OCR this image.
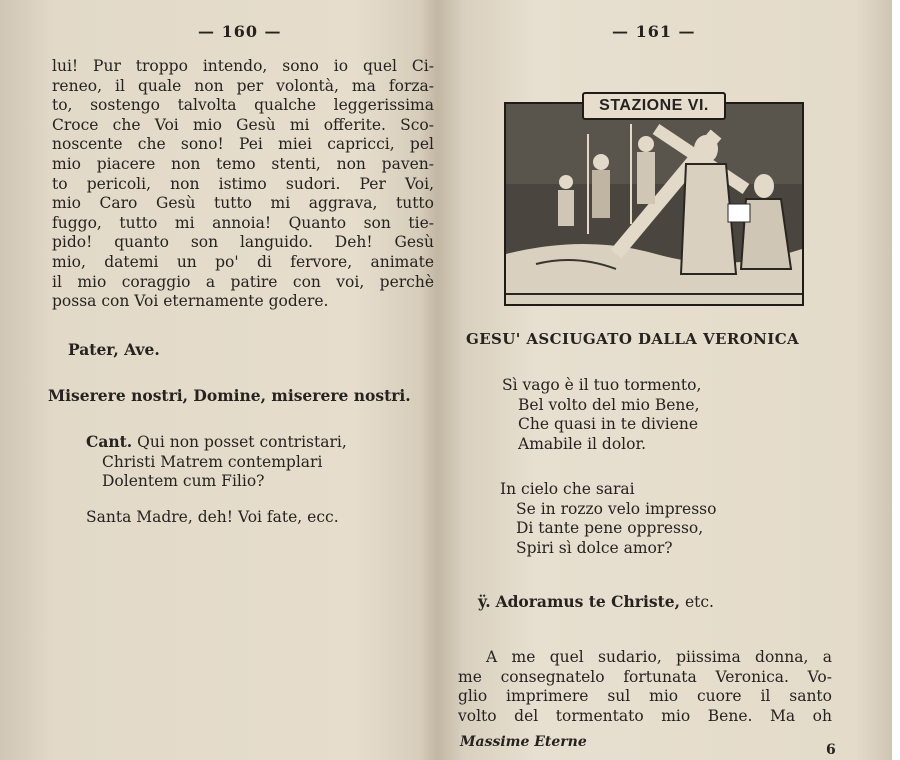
— 160 —
lui! Pur troppo intendo, sono io quel Ci-
reneo, il quale non per volontà, ma forza-
to, sostengo talvolta qualche leggerissima
Croce che Voi mio Gesù mi offerite. Sco-
noscente che sono! Pei miei capricci, pel
mio piacere non temo stenti, non paven-
to pericoli, non istimo sudori. Per Voi,
mio Caro Gesù tutto mi aggrava, tutto
fuggo, tutto mi annoia! Quanto son tie-
pido! quanto son languido. Deh! Gesù
mio, datemi un po' di fervore, animate
il mio coraggio a patire con voi, perchè
possa con Voi eternamente godere.
Pater, Ave.
Miserere nostri, Domine, miserere nostri.
Cant. Qui non posset contristari,
Christi Matrem contemplari
Dolentem cum Filio?
Santa Madre, deh! Voi fate, ecc.
— 161 —
STAZIONE VI.
GESU' ASCIUGATO DALLA VERONICA
Sì vago è il tuo tormento,
Bel volto del mio Bene,
Che quasi in te diviene
Amabile il dolor.
In cielo che sarai
Se in rozzo velo impresso
Di tante pene oppresso,
Spiri sì dolce amor?
ÿ. Adoramus te Christe, etc.
A me quel sudario, piissima donna, a
me consegnatelo fortunata Veronica. Vo-
glio imprimere sul mio cuore il santo
volto del tormentato mio Bene. Ma oh
Massime Eterne	6
